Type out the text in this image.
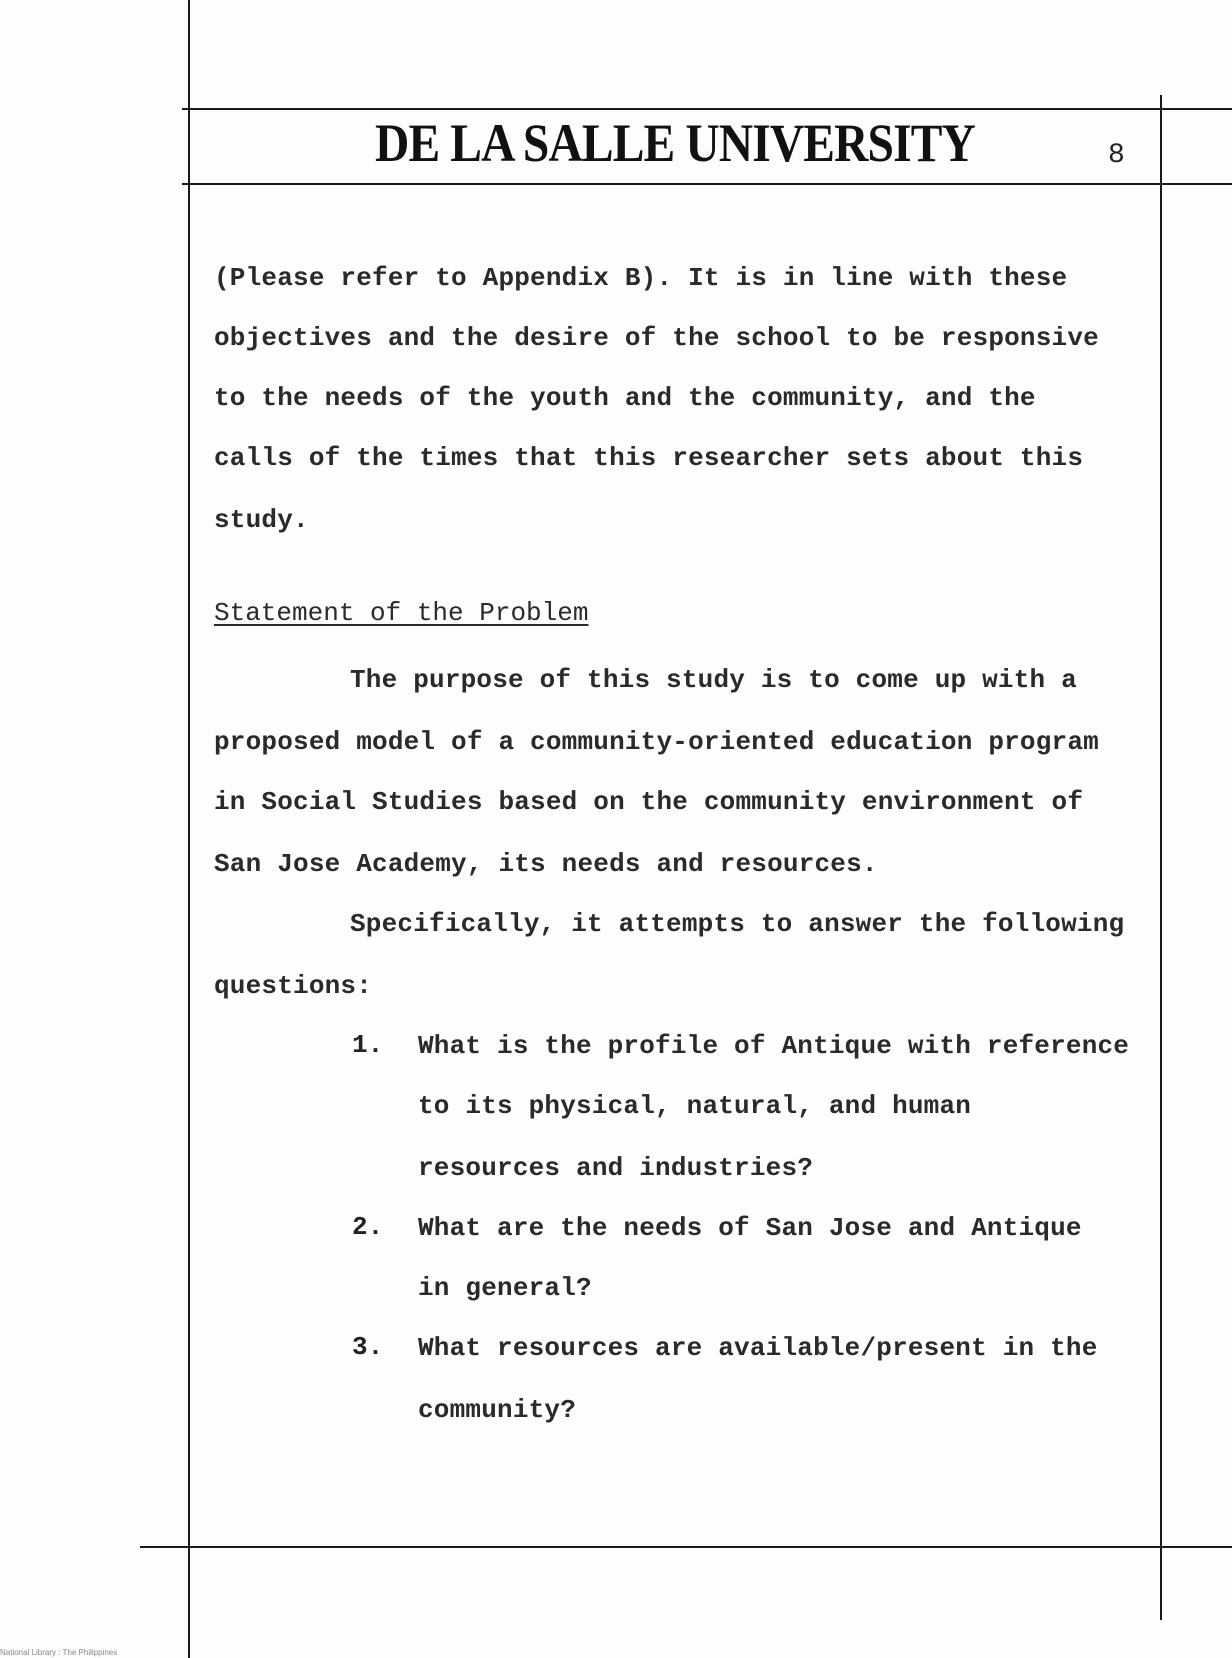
DE LA SALLE UNIVERSITY	8
(Please refer to Appendix B). It is in line with these
objectives and the desire of the school to be responsive
to the needs of the youth and the community, and the
calls of the times that this researcher sets about this
study.
Statement of the Problem
The purpose of this study is to come up with a
proposed model of a community-oriented education program
in Social Studies based on the community environment of
San Jose Academy, its needs and resources.
Specifically, it attempts to answer the following
questions:
1. What is the profile of Antique with reference
to its physical, natural, and human
resources and industries?
2. What are the needs of San Jose and Antique
in general?
3. What resources are available/present in the
community?
National Library : The Philippines
